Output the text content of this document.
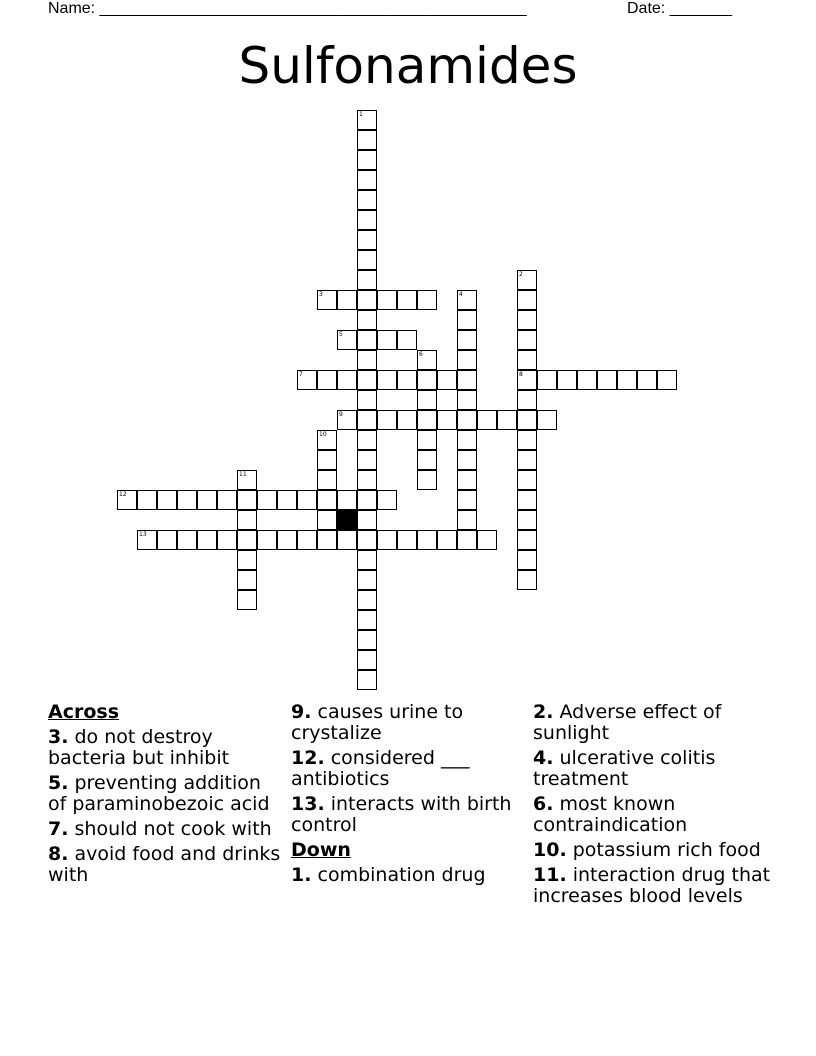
Name: ________________________________________________	Date: _______
Sulfonamides
3
5
7	8
9
12
13
1
2
4
6
10
11
Across
3. do not destroy bacteria but inhibit
5. preventing addition of paraminobezoic acid
7. should not cook with
8. avoid food and drinks with
9. causes urine to crystalize
12. considered ___ antibiotics
13. interacts with birth control
Down
1. combination drug
2. Adverse effect of sunlight
4. ulcerative colitis treatment
6. most known contraindication
10. potassium rich food
11. interaction drug that increases blood levels
